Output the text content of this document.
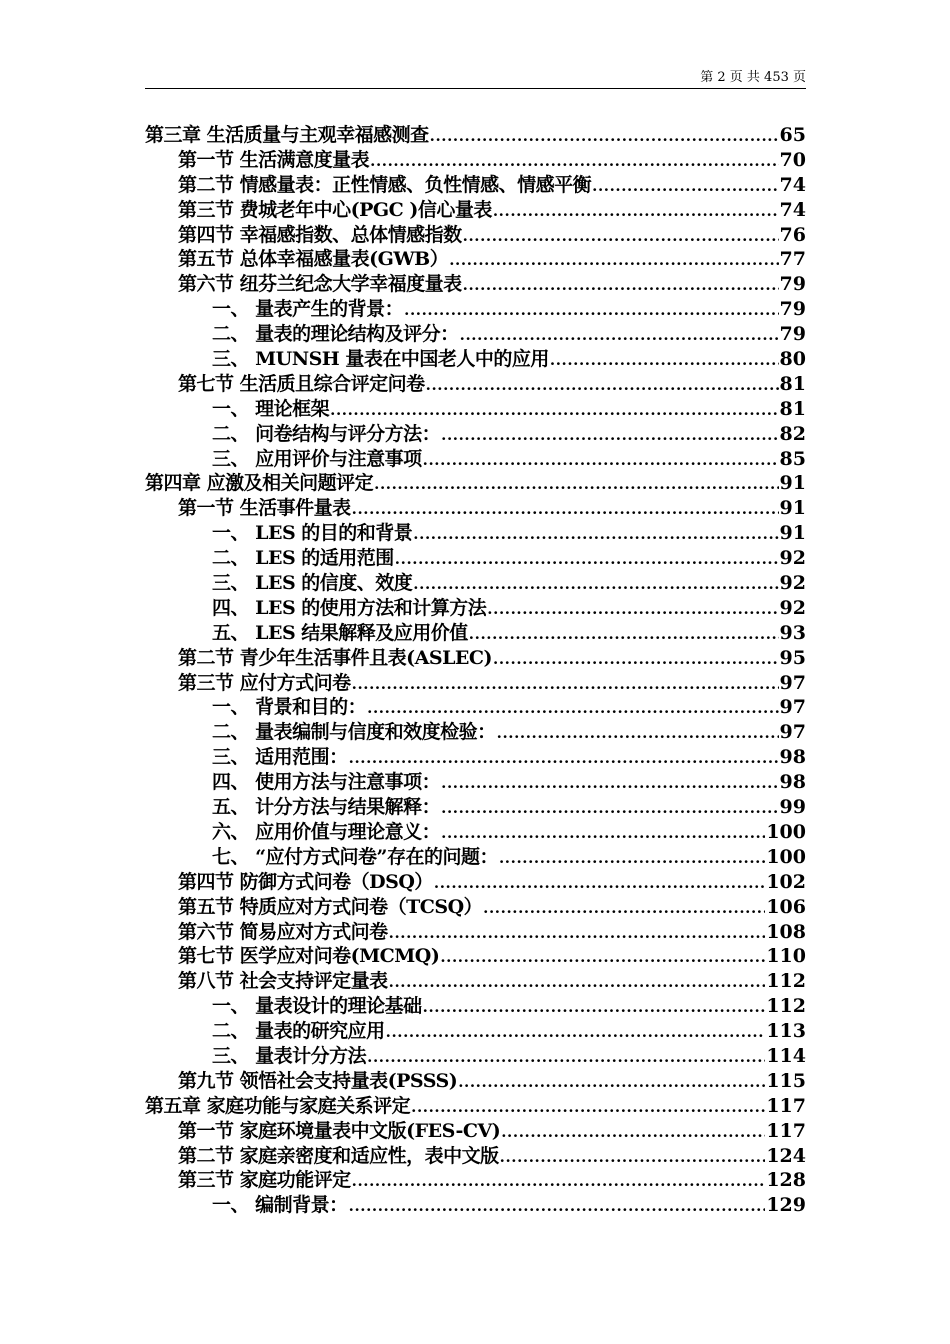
第 2 页 共 453 页
第三章 生活质量与主观幸福感测查 .....	65
第一节 生活满意度量表 .....	70
第二节 情感量表：正性情感、负性情感、情感平衡 .....	74
第三节 费城老年中心(PGC )信心量表 .....	74
第四节 幸福感指数、总体情感指数 .....	76
第五节 总体幸福感量表(GWB） .....	77
第六节 纽芬兰纪念大学幸福度量表 .....	79
一、 量表产生的背景： .....	79
二、 量表的理论结构及评分： .....	79
三、 MUNSH 量表在中国老人中的应用 .....	80
第七节 生活质且综合评定问卷 .....	81
一、 理论框架 .....	81
二、 问卷结构与评分方法： .....	82
三、 应用评价与注意事项 .....	85
第四章 应激及相关问题评定 .....	91
第一节 生活事件量表 .....	91
一、 LES 的目的和背景 .....	91
二、 LES 的适用范围 .....	92
三、 LES 的信度、效度 .....	92
四、 LES 的使用方法和计算方法 .....	92
五、 LES 结果解释及应用价值 .....	93
第二节 青少年生活事件且表(ASLEC) .....	95
第三节 应付方式问卷 .....	97
一、 背景和目的： .....	97
二、 量表编制与信度和效度检验： .....	97
三、 适用范围： .....	98
四、 使用方法与注意事项： .....	98
五、 计分方法与结果解释： .....	99
六、 应用价值与理论意义： .....	100
七、 “应付方式问卷”存在的问题： .....	100
第四节 防御方式问卷（DSQ） .....	102
第五节 特质应对方式问卷（TCSQ） .....	106
第六节 简易应对方式问卷 .....	108
第七节 医学应对问卷(MCMQ) .....	110
第八节 社会支持评定量表 .....	112
一、 量表设计的理论基础 .....	112
二、 量表的研究应用 .....	113
三、 量表计分方法 .....	114
第九节 领悟社会支持量表(PSSS) .....	115
第五章 家庭功能与家庭关系评定 .....	117
第一节 家庭环境量表中文版(FES-CV) .....	117
第二节 家庭亲密度和适应性，表中文版 .....	124
第三节 家庭功能评定 .....	128
一、 编制背景： .....	129
